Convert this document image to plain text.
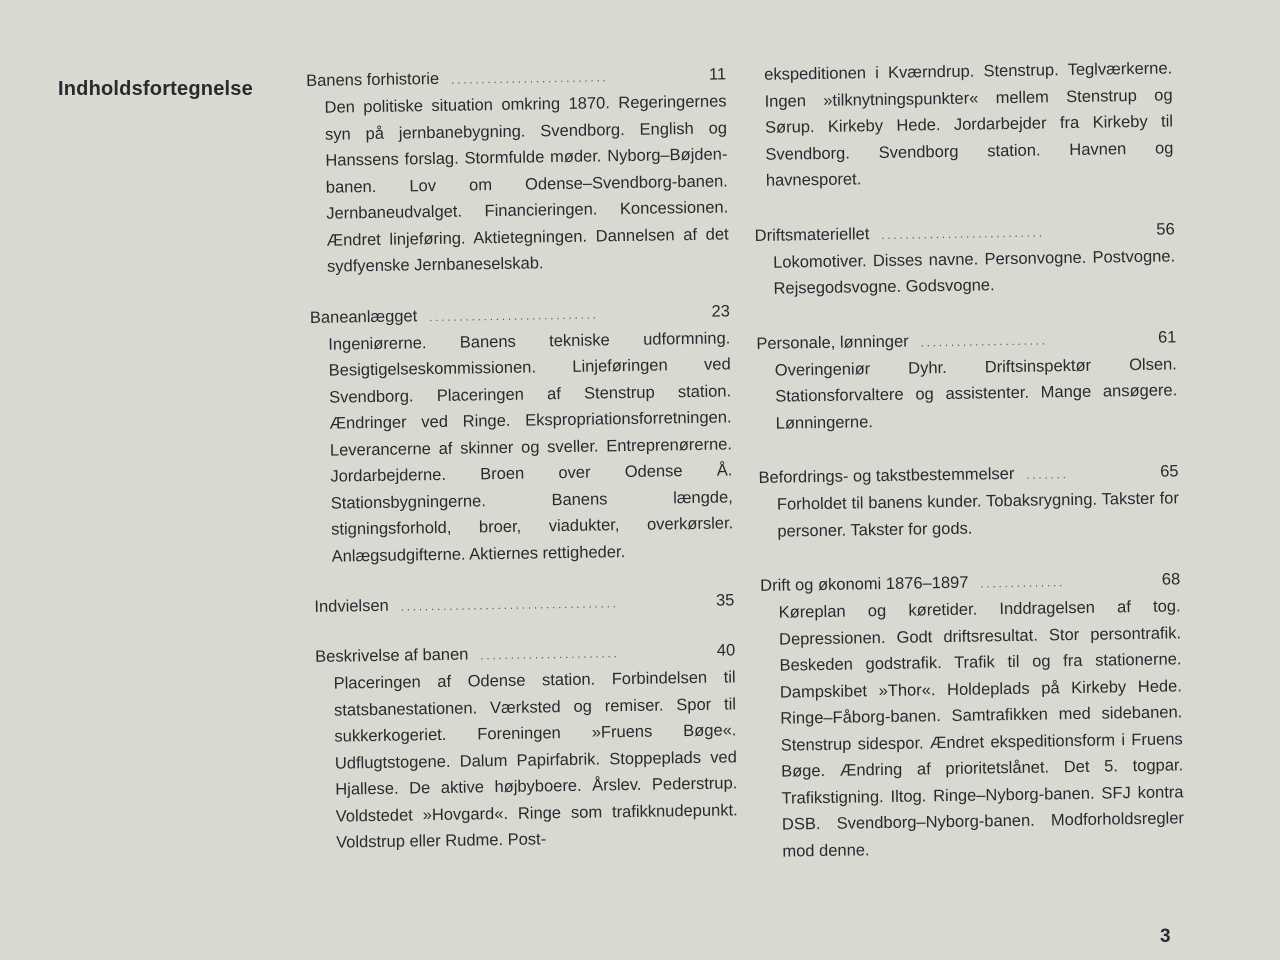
Indholdsfortegnelse	Banens forhistorie ..........................	11
Den politiske situation omkring 1870. Regeringernes syn på jernbanebygning. Svendborg. English og Hanssens forslag. Stormfulde møder. Nyborg–Bøjden-banen. Lov om Odense–Svendborg-banen. Jernbaneudvalget. Financieringen. Koncessionen. Ændret linjeføring. Aktietegningen. Dannelsen af det sydfyenske Jernbaneselskab.
Baneanlægget ............................	23
Ingeniørerne. Banens tekniske udformning. Besigtigelseskommissionen. Linjeføringen ved Svendborg. Placeringen af Stenstrup station. Ændringer ved Ringe. Ekspropriationsforretningen. Leverancerne af skinner og sveller. Entreprenørerne. Jordarbejderne. Broen over Odense Å. Stationsbygningerne. Banens længde, stigningsforhold, broer, viadukter, overkørsler. Anlægsudgifterne. Aktiernes rettigheder.
Indvielsen ....................................	35
Beskrivelse af banen .......................	40
Placeringen af Odense station. Forbindelsen til statsbanestationen. Værksted og remiser. Spor til sukkerkogeriet. Foreningen »Fruens Bøge«. Udflugtstogene. Dalum Papirfabrik. Stoppeplads ved Hjallese. De aktive højbyboere. Årslev. Pederstrup. Voldstedet »Hovgard«. Ringe som trafikknudepunkt. Voldstrup eller Rudme. Post-
ekspeditionen i Kværndrup. Stenstrup. Teglværkerne. Ingen »tilknytningspunkter« mellem Stenstrup og Sørup. Kirkeby Hede. Jordarbejder fra Kirkeby til Svendborg. Svendborg station. Havnen og havnesporet.
Driftsmateriellet ...........................	56
Lokomotiver. Disses navne. Personvogne. Postvogne. Rejsegodsvogne. Godsvogne.
Personale, lønninger .....................	61
Overingeniør Dyhr. Driftsinspektør Olsen. Stationsforvaltere og assistenter. Mange ansøgere. Lønningerne.
Befordrings- og takstbestemmelser .......	65
Forholdet til banens kunder. Tobaksrygning. Takster for personer. Takster for gods.
Drift og økonomi 1876–1897 ..............	68
Køreplan og køretider. Inddragelsen af tog. Depressionen. Godt driftsresultat. Stor persontrafik. Beskeden godstrafik. Trafik til og fra stationerne. Dampskibet »Thor«. Holdeplads på Kirkeby Hede. Ringe–Fåborg-banen. Samtrafikken med sidebanen. Stenstrup sidespor. Ændret ekspeditionsform i Fruens Bøge. Ændring af prioritetslånet. Det 5. togpar. Trafikstigning. Iltog. Ringe–Nyborg-banen. SFJ kontra DSB. Svendborg–Nyborg-banen. Modforholdsregler mod denne.
3
